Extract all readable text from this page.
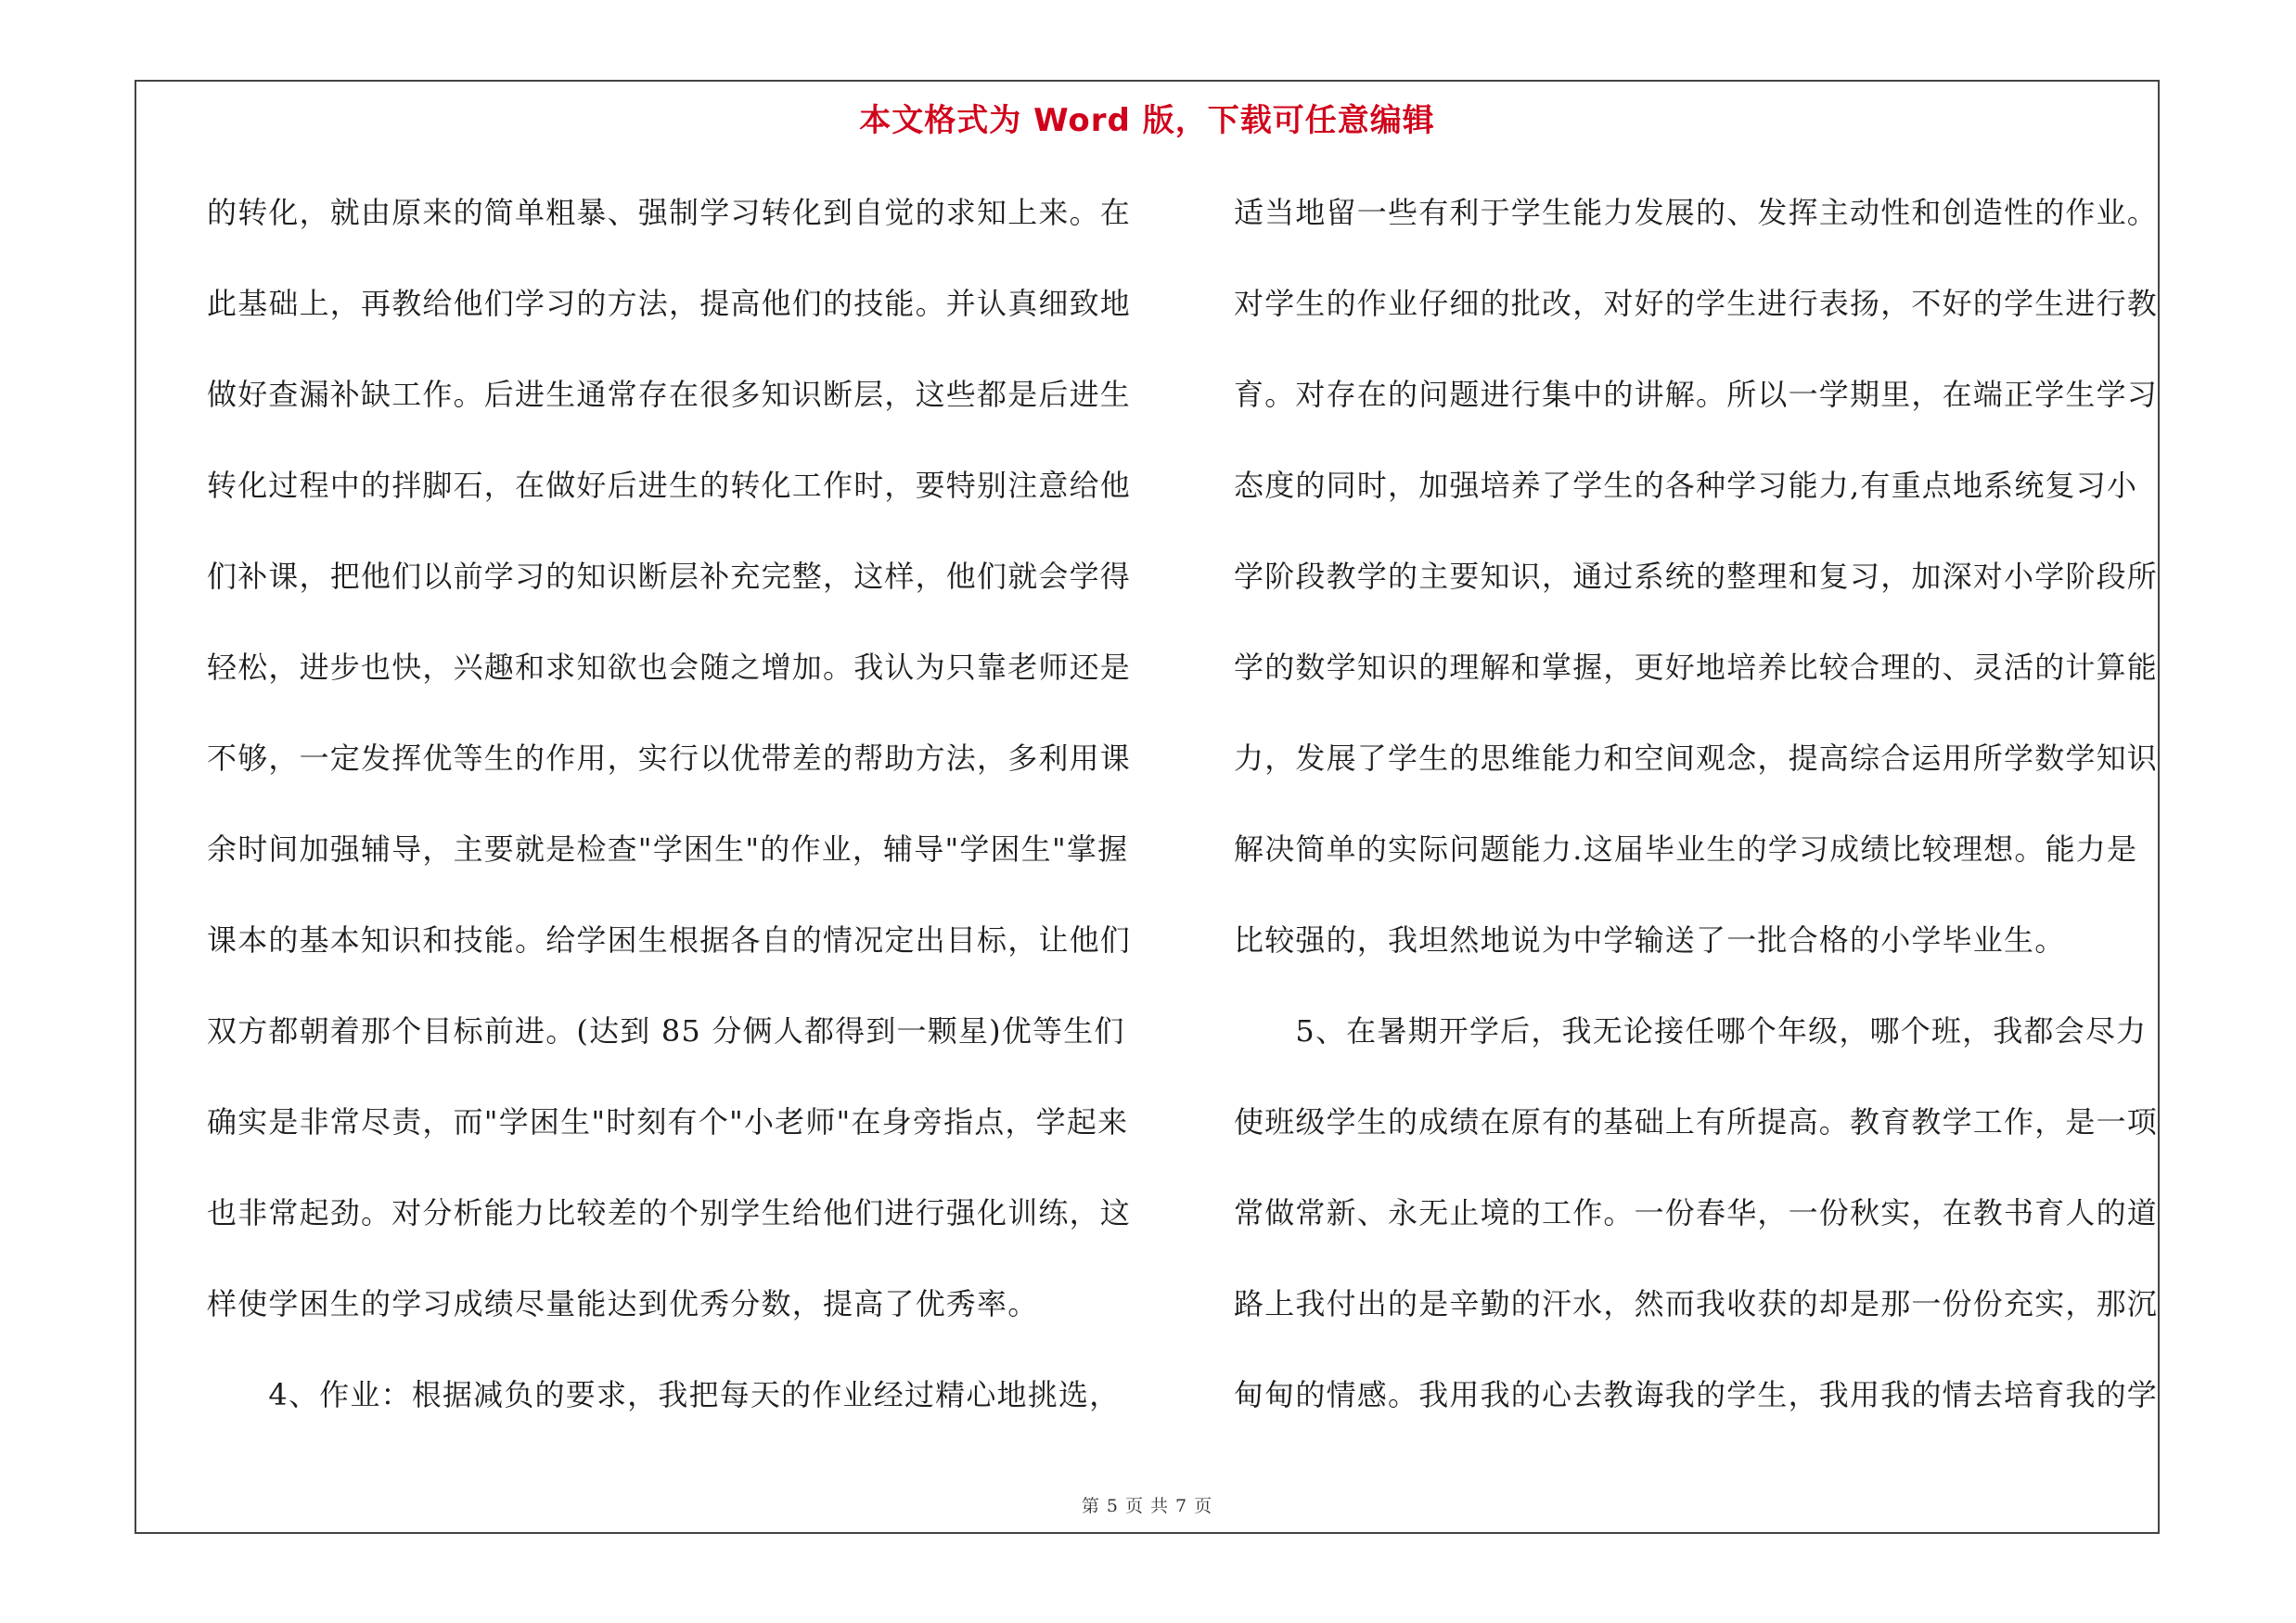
本文格式为 Word 版，下载可任意编辑
的转化，就由原来的简单粗暴、强制学习转化到自觉的求知上来。在
此基础上，再教给他们学习的方法，提高他们的技能。并认真细致地
做好查漏补缺工作。后进生通常存在很多知识断层，这些都是后进生
转化过程中的拌脚石，在做好后进生的转化工作时，要特别注意给他
们补课，把他们以前学习的知识断层补充完整，这样，他们就会学得
轻松，进步也快，兴趣和求知欲也会随之增加。我认为只靠老师还是
不够，一定发挥优等生的作用，实行以优带差的帮助方法，多利用课
余时间加强辅导，主要就是检查"学困生"的作业，辅导"学困生"掌握
课本的基本知识和技能。给学困生根据各自的情况定出目标，让他们
双方都朝着那个目标前进。(达到 85 分俩人都得到一颗星)优等生们
确实是非常尽责，而"学困生"时刻有个"小老师"在身旁指点，学起来
也非常起劲。对分析能力比较差的个别学生给他们进行强化训练，这
样使学困生的学习成绩尽量能达到优秀分数，提高了优秀率。
　　4、作业：根据减负的要求，我把每天的作业经过精心地挑选，
适当地留一些有利于学生能力发展的、发挥主动性和创造性的作业。
对学生的作业仔细的批改，对好的学生进行表扬，不好的学生进行教
育。对存在的问题进行集中的讲解。所以一学期里，在端正学生学习
态度的同时，加强培养了学生的各种学习能力,有重点地系统复习小
学阶段教学的主要知识，通过系统的整理和复习，加深对小学阶段所
学的数学知识的理解和掌握，更好地培养比较合理的、灵活的计算能
力，发展了学生的思维能力和空间观念，提高综合运用所学数学知识
解决简单的实际问题能力.这届毕业生的学习成绩比较理想。能力是
比较强的，我坦然地说为中学输送了一批合格的小学毕业生。
　　5、在暑期开学后，我无论接任哪个年级，哪个班，我都会尽力
使班级学生的成绩在原有的基础上有所提高。教育教学工作，是一项
常做常新、永无止境的工作。一份春华，一份秋实，在教书育人的道
路上我付出的是辛勤的汗水，然而我收获的却是那一份份充实，那沉
甸甸的情感。我用我的心去教诲我的学生，我用我的情去培育我的学
第 5 页 共 7 页
